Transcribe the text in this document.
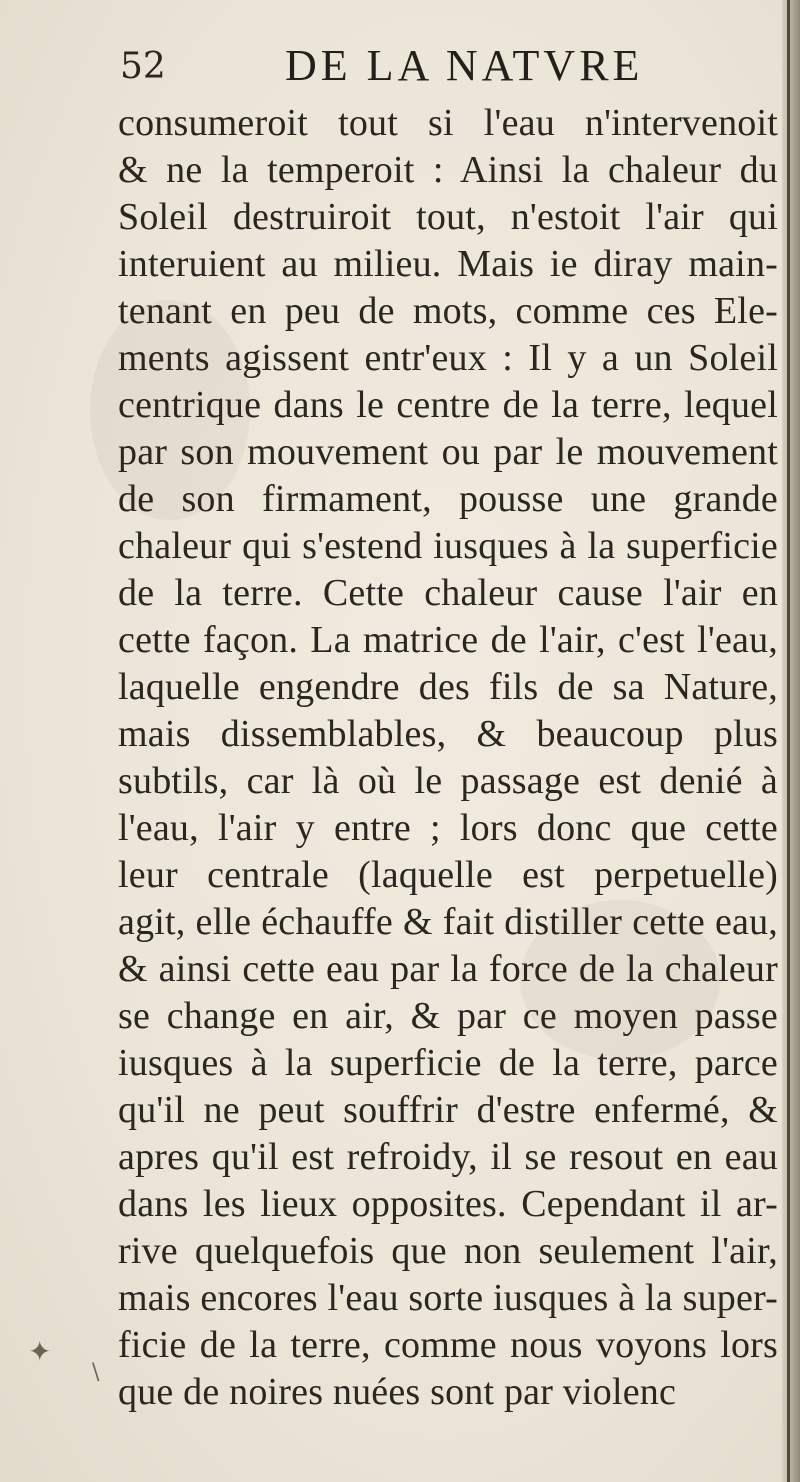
52	DE LA NATVRE
consumeroit tout si l'eau n'intervenoit
& ne la temperoit : Ainsi la chaleur du
Soleil destruiroit tout, n'estoit l'air qui
interuient au milieu. Mais ie diray main-
tenant en peu de mots, comme ces Ele-
ments agissent entr'eux : Il y a un Soleil
centrique dans le centre de la terre, lequel
par son mouvement ou par le mouvement
de son firmament, pousse une grande
chaleur qui s'estend iusques à la superficie
de la terre. Cette chaleur cause l'air en
cette façon. La matrice de l'air, c'est l'eau,
laquelle engendre des fils de sa Nature,
mais dissemblables, & beaucoup plus
subtils, car là où le passage est denié à
l'eau, l'air y entre ; lors donc que cette
leur centrale (laquelle est perpetuelle)
agit, elle échauffe & fait distiller cette eau,
& ainsi cette eau par la force de la chaleur
se change en air, & par ce moyen passe
iusques à la superficie de la terre, parce
qu'il ne peut souffrir d'estre enfermé, &
apres qu'il est refroidy, il se resout en eau
dans les lieux opposites. Cependant il ar-
rive quelquefois que non seulement l'air,
mais encores l'eau sorte iusques à la super-
ficie de la terre, comme nous voyons lors
que de noires nuées sont par violenc
✦
\
